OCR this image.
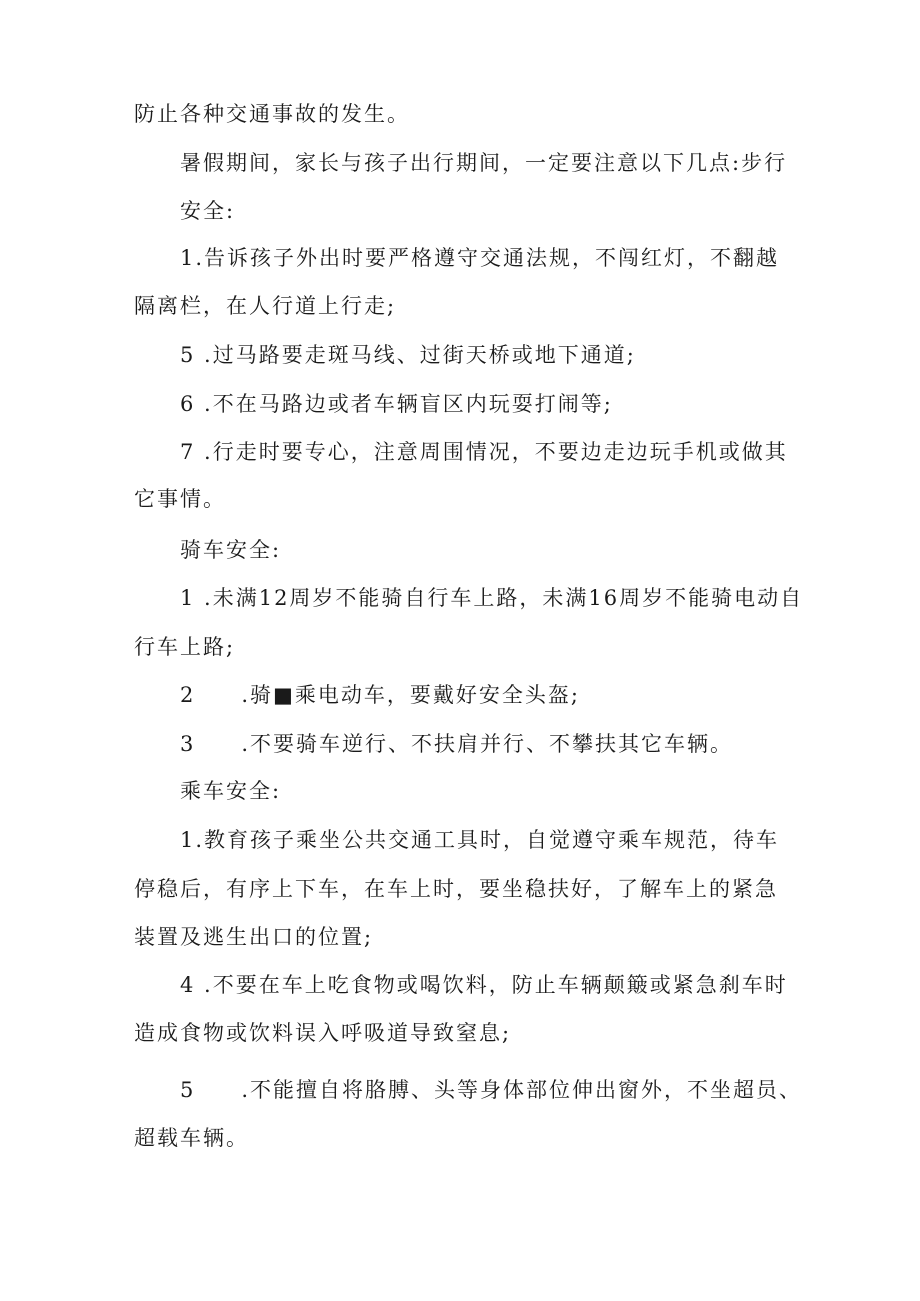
防止各种交通事故的发生。
暑假期间，家长与孩子出行期间，一定要注意以下几点:步行
安全:
1.告诉孩子外出时要严格遵守交通法规，不闯红灯，不翻越
隔离栏，在人行道上行走;
5 .过马路要走斑马线、过街天桥或地下通道;
6 .不在马路边或者车辆盲区内玩耍打闹等;
7 .行走时要专心，注意周围情况，不要边走边玩手机或做其
它事情。
骑车安全:
1 .未满12周岁不能骑自行车上路，未满16周岁不能骑电动自
行车上路;
2　　.骑■乘电动车，要戴好安全头盔;
3　　.不要骑车逆行、不扶肩并行、不攀扶其它车辆。
乘车安全:
1.教育孩子乘坐公共交通工具时，自觉遵守乘车规范，待车
停稳后，有序上下车，在车上时，要坐稳扶好，了解车上的紧急
装置及逃生出口的位置;
4 .不要在车上吃食物或喝饮料，防止车辆颠簸或紧急刹车时
造成食物或饮料误入呼吸道导致窒息;
5　　.不能擅自将胳膊、头等身体部位伸出窗外，不坐超员、
超载车辆。
